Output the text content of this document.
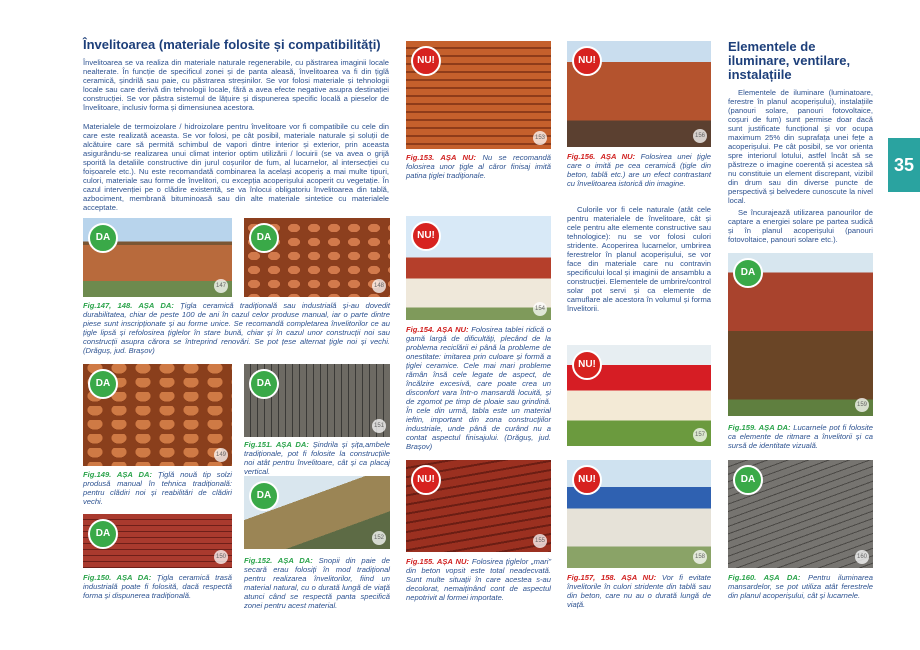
Învelitoarea (materiale folosite și compatibilități)
Învelitoarea se va realiza din materiale naturale regenerabile, cu păstrarea imaginii locale nealterate. În funcție de specificul zonei și de panta aleasă, învelitoarea va fi din țiglă ceramică, șindrilă sau paie, cu păstrarea streșinilor. Se vor folosi materiale și tehnologii locale sau care derivă din tehnologii locale, fără a avea efecte negative asupra destinației construcției. Se vor păstra sistemul de lățuire și dispunerea specific locală a pieselor de învelitoare, inclusiv forma și dimensiunea acestora.
Materialele de termoizolare / hidroizolare pentru învelitoare vor fi compatibile cu cele din care este realizată aceasta. Se vor folosi, pe cât posibil, materiale naturale și soluții de alcătuire care să permită schimbul de vapori dintre interior și exterior, prin aceasta asigurându-se realizarea unui climat interior optim utilizării / locuirii (se va avea o grijă sporită la detaliile constructive din jurul coșurilor de fum, al lucarnelor, al intersecției cu foișoarele etc.). Nu este recomandată combinarea la același acoperiș a mai multe tipuri, culori, materiale sau forme de învelitori, cu excepția acoperișului acoperit cu vegetație. În cazul intervenției pe o clădire existentă, se va înlocui obligatoriu învelitoarea din tablă, azbociment, membrană bituminoasă sau din alte materiale sintetice cu materialele acceptate.
DA
147
DA
148
Fig.147, 148. AȘA DA: Țigla ceramică tradițională sau industrială și-au dovedit durabilitatea, chiar de peste 100 de ani în cazul celor produse manual, iar o parte dintre piese sunt inscripționate și au forme unice. Se recomandă completarea învelitorilor ce au țigle lipsă și refolosirea țiglelor în stare bună, chiar și în cazul unor construcții noi sau construcții asupra cărora se întreprind renovări. Se pot țese alternat țigle noi și vechi. (Drăguș, jud. Brașov)
DA
149
Fig.149. AȘA DA: Țiglă nouă tip solzi produsă manual în tehnica tradițională: pentru clădiri noi și reabilitări de clădiri vechi.
DA
150
Fig.150. AȘA DA: Țigla ceramică trasă industrială poate fi folosită, dacă respectă forma și dispunerea tradițională.
DA
151
Fig.151. AȘA DA: Șindrila și șița,ambele tradiționale, pot fi folosite la construcțiile noi atât pentru învelitoare, cât și ca placaj vertical.
DA
152
Fig.152. AȘA DA: Snopii din paie de secară erau folosiți în mod tradițional pentru realizarea învelitorilor, fiind un material natural, cu o durată lungă de viață atunci când se respectă panta specifică zonei pentru acest material.
NU!
153
Fig.153. AȘA NU: Nu se recomandă folosirea unor țigle al căror finisaj imită patina țiglei tradiționale.
NU!
154
Fig.154. AȘA NU: Folosirea tablei ridică o gamă largă de dificultăți, plecând de la problema reciclării ei până la probleme de onestitate: imitarea prin culoare și formă a țiglei ceramice. Cele mai mari probleme rămân însă cele legate de aspect, de încălzire excesivă, care poate crea un disconfort vara într-o mansardă locuită, și de zgomot pe timp de ploaie sau grindină. În cele din urmă, tabla este un material ieftin, important din zona construcțiilor industriale, unde până de curând nu a contat aspectul finisajului. (Drăguș, jud. Brașov)
NU!
155
Fig.155. AȘA NU: Folosirea țiglelor „mari” din beton vopsit este total neadecvată. Sunt multe situații în care acestea s-au decolorat, nemaiținând cont de aspectul nepotrivit al formei importate.
NU!
156
Fig.156. AȘA NU: Folosirea unei țigle care o imită pe cea ceramică (țigle din beton, tablă etc.) are un efect contrastant cu învelitoarea istorică din imagine.
Culorile vor fi cele naturale (atât cele pentru materialele de învelitoare, cât și cele pentru alte elemente constructive sau tehnologice): nu se vor folosi culori stridente. Acoperirea lucarnelor, umbrirea ferestrelor în planul acoperișului, se vor face din materiale care nu contravin specificului local și imaginii de ansamblu a construcției. Elementele de umbrire/control solar pot servi și ca elemente de camuflare ale acestora în volumul și forma învelitorii.
NU!
157
NU!
158
Fig.157, 158. AȘA NU: Vor fi evitate învelitorile în culori stridente din tablă sau din beton, care nu au o durată lungă de viață.
Elementele de iluminare, ventilare, instalațiile
Elementele de iluminare (luminatoare, ferestre în planul acoperișului), instalațiile (panouri solare, panouri fotovoltaice, coșuri de fum) sunt permise doar dacă sunt justificate funcțional și vor ocupa maximum 25% din suprafața unei fețe a acoperișului. Pe cât posibil, se vor orienta spre interiorul lotului, astfel încât să se păstreze o imagine coerentă și acestea să nu constituie un element discrepant, vizibil din drum sau din diverse puncte de perspectivă și belvedere cunoscute la nivel local.
Se încurajează utilizarea panourilor de captare a energiei solare pe partea sudică și în planul acoperișului (panouri fotovoltaice, panouri solare etc.).
DA
159
Fig.159. AȘA DA: Lucarnele pot fi folosite ca elemente de ritmare a învelitorii și ca sursă de identitate vizuală.
DA
160
Fig.160. AȘA DA: Pentru iluminarea mansardelor, se pot utiliza atât ferestrele din planul acoperișului, cât și lucarnele.
35
